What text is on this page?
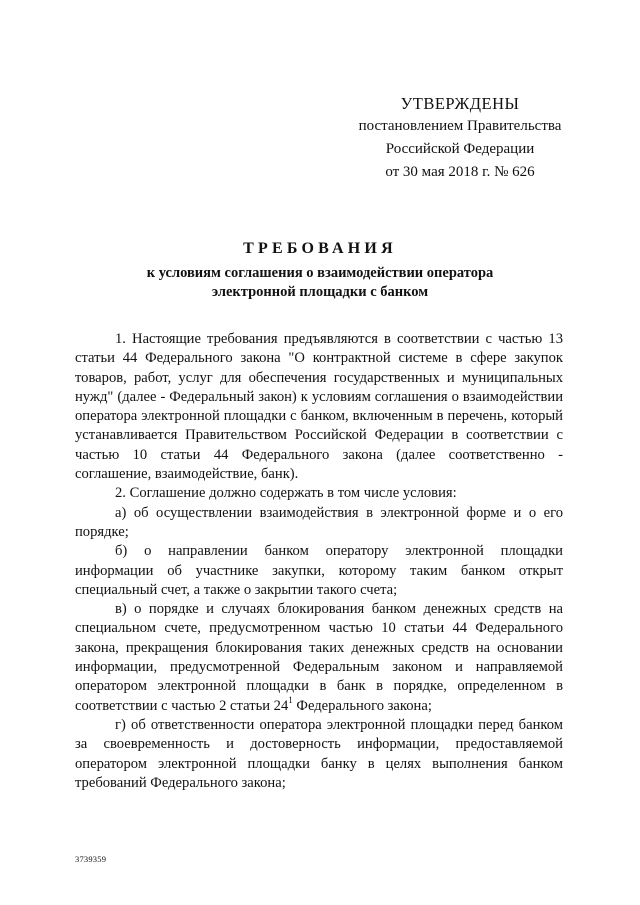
УТВЕРЖДЕНЫ
постановлением Правительства
Российской Федерации
от 30 мая 2018 г. № 626
ТРЕБОВАНИЯ
к условиям соглашения о взаимодействии оператора
электронной площадки с банком

1. Настоящие требования предъявляются в соответствии с частью 13 статьи 44 Федерального закона "О контрактной системе в сфере закупок товаров, работ, услуг для обеспечения государственных и муниципальных нужд" (далее - Федеральный закон) к условиям соглашения о взаимодействии оператора электронной площадки с банком, включенным в перечень, который устанавливается Правительством Российской Федерации в соответствии с частью 10 статьи 44 Федерального закона (далее соответственно - соглашение, взаимодействие, банк).

2. Соглашение должно содержать в том числе условия:

а) об осуществлении взаимодействия в электронной форме и о его порядке;

б) о направлении банком оператору электронной площадки информации об участнике закупки, которому таким банком открыт специальный счет, а также о закрытии такого счета;

в) о порядке и случаях блокирования банком денежных средств на специальном счете, предусмотренном частью 10 статьи 44 Федерального закона, прекращения блокирования таких денежных средств на основании информации, предусмотренной Федеральным законом и направляемой оператором электронной площадки в банк в порядке, определенном в соответствии с частью 2 статьи $24^1$ Федерального закона;

г) об ответственности оператора электронной площадки перед банком за своевременность и достоверность информации, предоставляемой оператором электронной площадки банку в целях выполнения банком требований Федерального закона;

3739359
